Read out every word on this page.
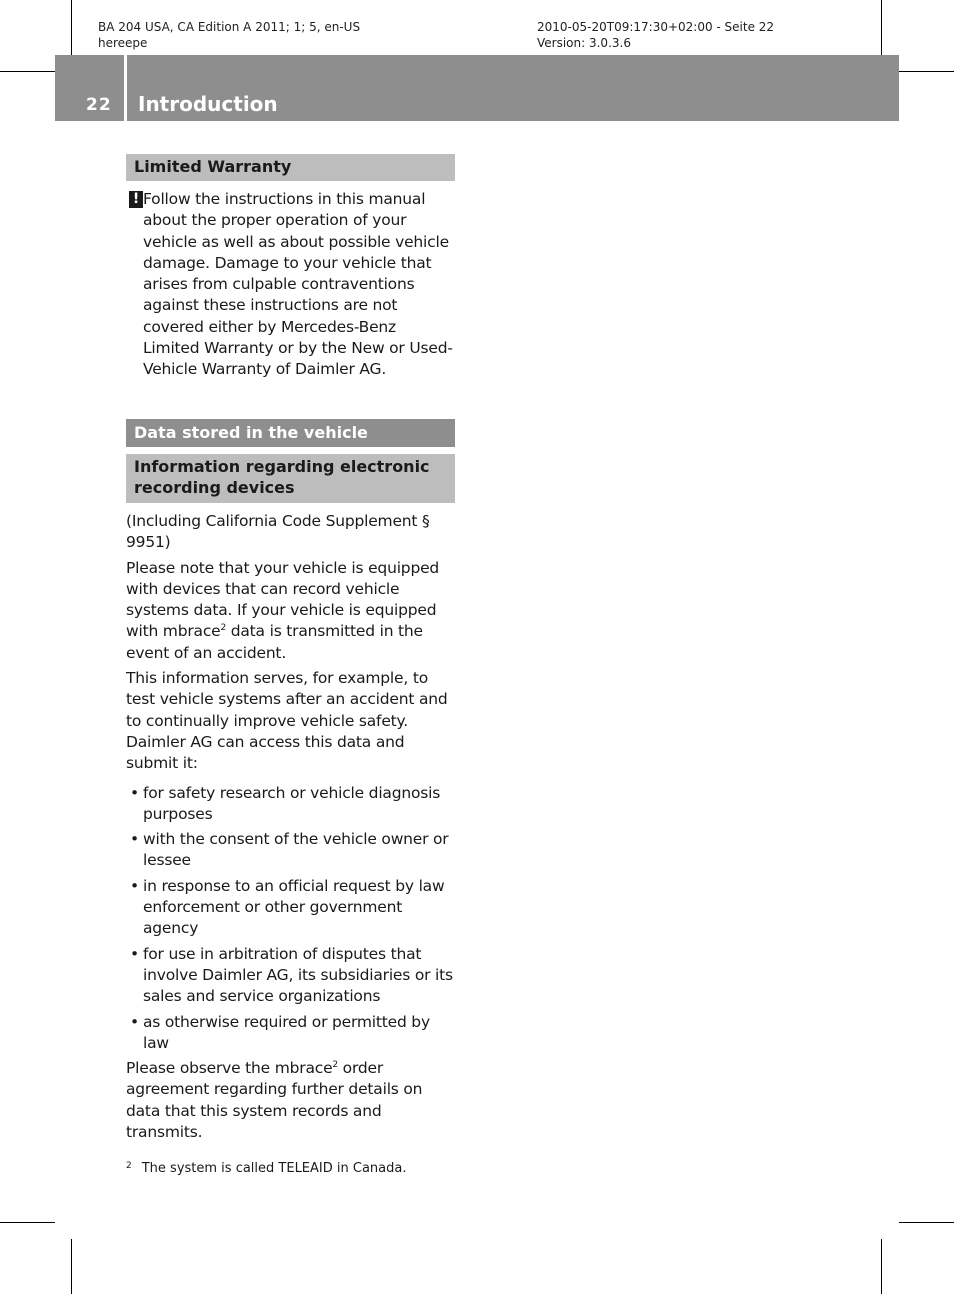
BA 204 USA, CA Edition A 2011; 1; 5, en-US
hereepe
2010-05-20T09:17:30+02:00 - Seite 22
Version: 3.0.3.6
22 Introduction
Limited Warranty
! Follow the instructions in this manual about the proper operation of your vehicle as well as about possible vehicle damage. Damage to your vehicle that arises from culpable contraventions against these instructions are not covered either by Mercedes-Benz Limited Warranty or by the New or Used-Vehicle Warranty of Daimler AG.
Data stored in the vehicle
Information regarding electronic recording devices

(Including California Code Supplement § 9951)

Please note that your vehicle is equipped with devices that can record vehicle systems data. If your vehicle is equipped with mbrace$^2$ data is transmitted in the event of an accident.

This information serves, for example, to test vehicle systems after an accident and to continually improve vehicle safety.

Daimler AG can access this data and submit it:

• for safety research or vehicle diagnosis purposes
• with the consent of the vehicle owner or lessee
• in response to an official request by law enforcement or other government agency
• for use in arbitration of disputes that involve Daimler AG, its subsidiaries or its sales and service organizations
• as otherwise required or permitted by law

Please observe the mbrace$^2$ order agreement regarding further details on data that this system records and transmits.

$^2$ The system is called TELEAID in Canada.
